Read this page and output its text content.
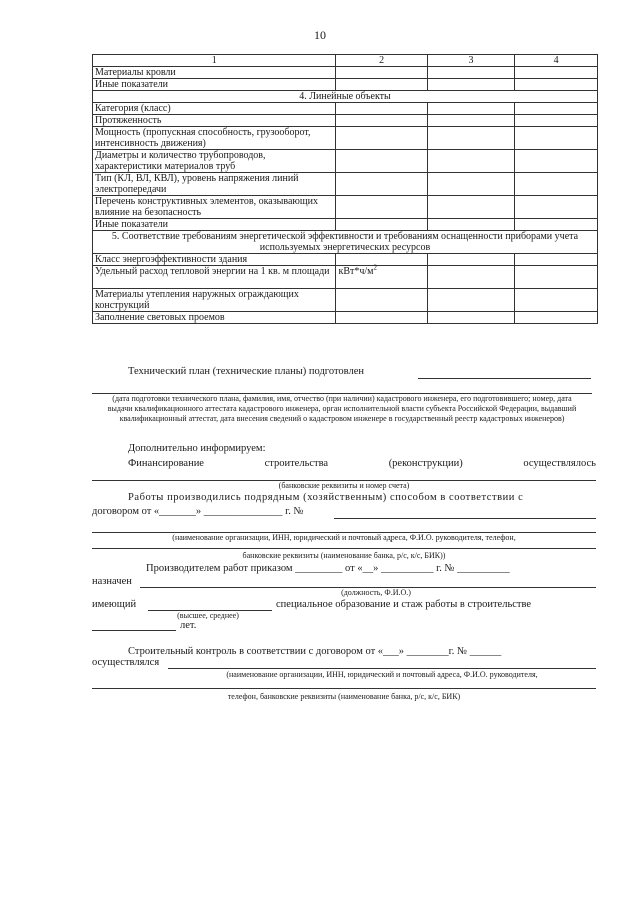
10
1	2	3	4
Материалы кровли			
Иные показатели			
4. Линейные объекты			
Категория (класс)			
Протяженность			
Мощность (пропускная способность, грузооборот, интенсивность движения)			
Диаметры и количество трубопроводов, характеристики материалов труб			
Тип (КЛ, ВЛ, КВЛ), уровень напряжения линий электропередачи			
Перечень конструктивных элементов, оказывающих влияние на безопасность			
Иные показатели			
5. Соответствие требованиям энергетической эффективности и требованиям оснащенности приборами учета используемых энергетических ресурсов			
Класс энергоэффективности здания			
Удельный расход тепловой энергии на 1 кв. м площади	$кВт*ч/м^2$		
Материалы утепления наружных ограждающих конструкций			
Заполнение световых проемов			
Технический план (технические планы) подготовлен
(дата подготовки технического плана, фамилия, имя, отчество (при наличии) кадастрового инженера, его подготовившего; номер, дата выдачи квалификационного аттестата кадастрового инженера, орган исполнительной власти субъекта Российской Федерации, выдавший квалификационный аттестат, дата внесения сведений о кадастровом инженере в государственный реестр кадастровых инженеров)
Дополнительно информируем:
Финансирование	строительства	(реконструкции)	осуществлялось
(банковские реквизиты и номер счета)
Работы производились подрядным (хозяйственным) способом в соответствии с
договором от «_______» _______________ г. №
(наименование организации, ИНН, юридический и почтовый адреса, Ф.И.О. руководителя, телефон,
банковские реквизиты (наименование банка, р/с, к/с, БИК))
Производителем работ приказом _________ от «__» __________ г. № __________
назначен
(должность, Ф.И.О.)
имеющий	специальное образование и стаж работы в строительстве
(высшее, среднее)
лет.
Строительный контроль в соответствии с договором от «___» ________г. № ______
осуществлялся
(наименование организации, ИНН, юридический и почтовый адреса, Ф.И.О. руководителя,
телефон, банковские реквизиты (наименование банка, р/с, к/с, БИК)
